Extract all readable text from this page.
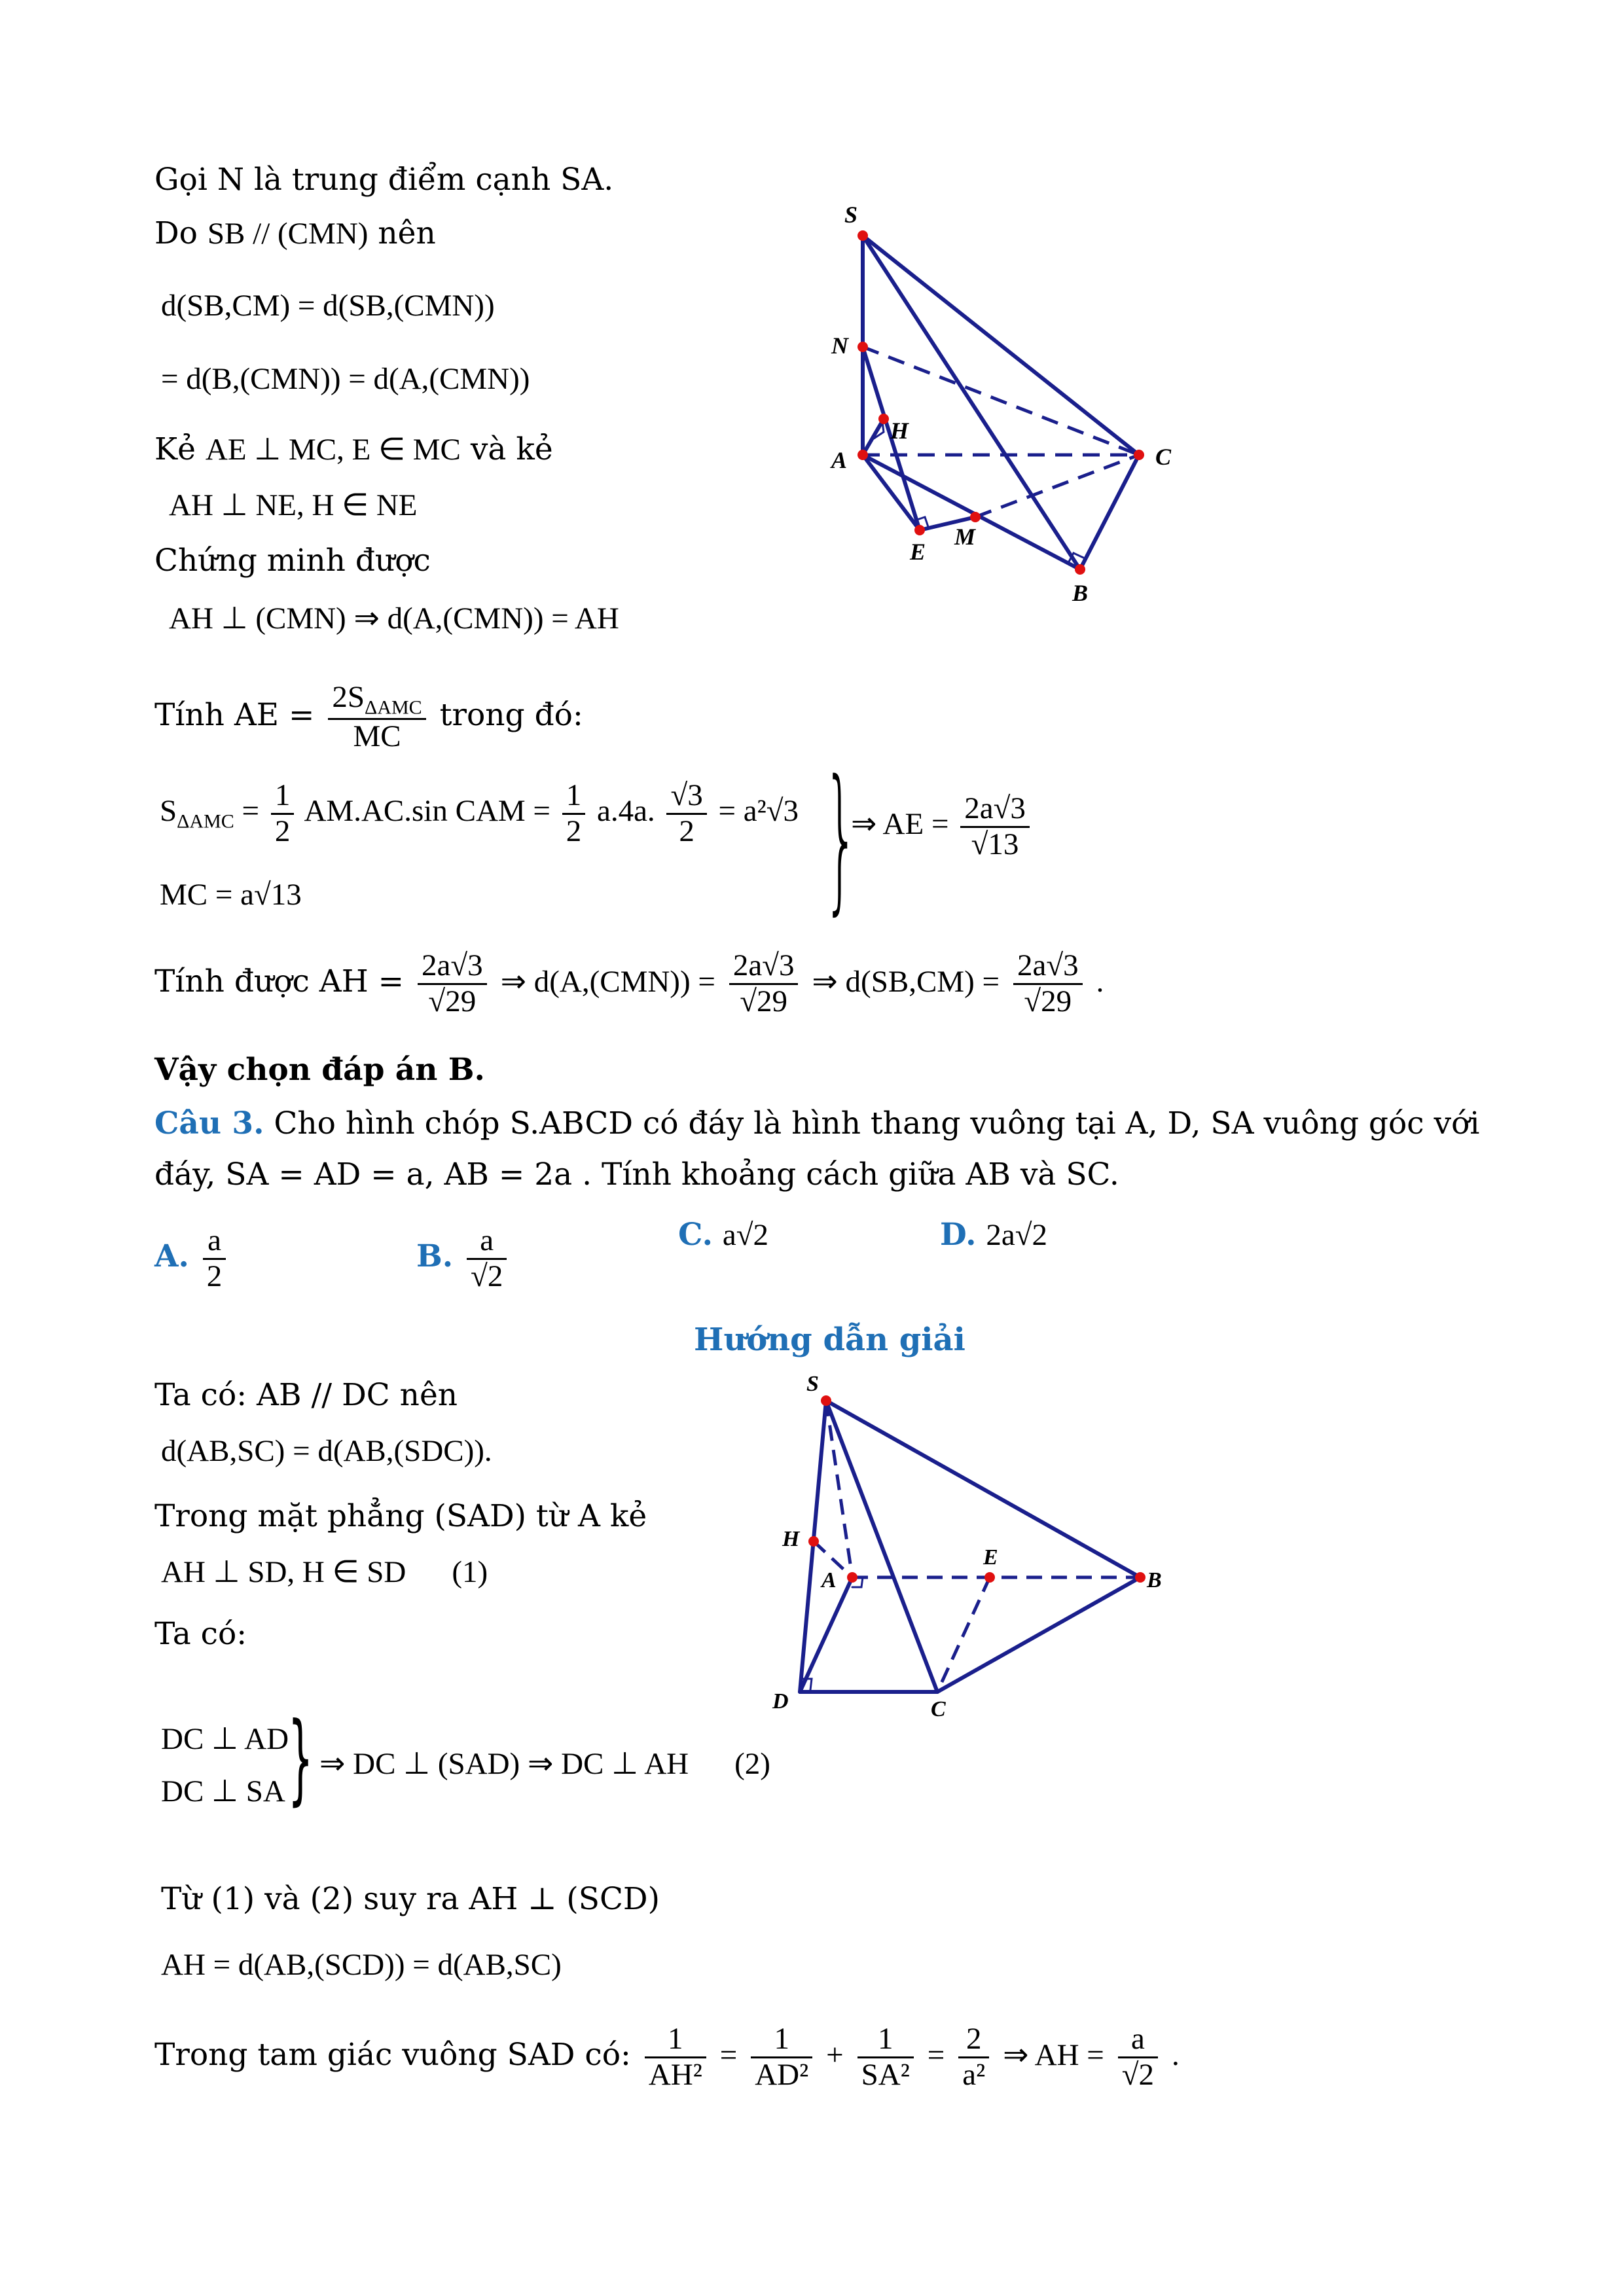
Gọi N là trung điểm cạnh SA.
Do SB // (CMN) nên
d(SB,CM) = d(SB,(CMN))
= d(B,(CMN)) = d(A,(CMN))
Kẻ AE ⊥ MC, E ∈ MC và kẻ
AH ⊥ NE, H ∈ NE
Chứng minh được
AH ⊥ (CMN) ⇒ d(A,(CMN)) = AH
Tính AE = $\frac{2S_{\Delta AMC}}{MC}$ trong đó:
$S_{\Delta AMC} = \frac{1}{2} AM.AC.\sin$ CAM = $\frac{1}{2} a.4a$. $\frac{√3}{2} = a^2√3$
MC = a√13	}
⇒ AE = $\frac{2a√3}{√13}$
Tính được AH = $\frac{2a√3}{√29}$ ⇒ $d(A,(CMN)) = \frac{2a√3}{√29}$ ⇒ $d(SB,CM) = \frac{2a√3}{√29}$ .
Vậy chọn đáp án B.
Câu 3. Cho hình chóp S.ABCD có đáy là hình thang vuông tại A, D, SA vuông góc với
đáy, SA = AD = a, AB = 2a . Tính khoảng cách giữa AB và SC.
A. $\frac{a}{2}$	B. $\frac{a}{√2}$	C. a√2	D. 2a√2
Hướng dẫn giải
Ta có: AB // DC nên
d(AB,SC) = d(AB,(SDC)).
Trong mặt phẳng (SAD) từ A kẻ
AH ⊥ SD, H ∈ SD (1)
Ta có:
DC ⊥ AD
DC ⊥ SA } ⇒ DC ⊥ (SAD) ⇒ DC ⊥ AH (2)
Từ (1) và (2) suy ra AH ⊥ (SCD)
AH = d(AB,(SCD)) = d(AB,SC)
Trong tam giác vuông SAD có: $\frac{1}{\text{AH²}} = \frac{1}{\text{AD²}} + \frac{1}{\text{SA²}} = \frac{2}{\text{a²}}$ ⇒ AH = $\frac{a}{√2}$ .
S
N
H
A	C
E
M
B
S
H
A
E
B
D	C
